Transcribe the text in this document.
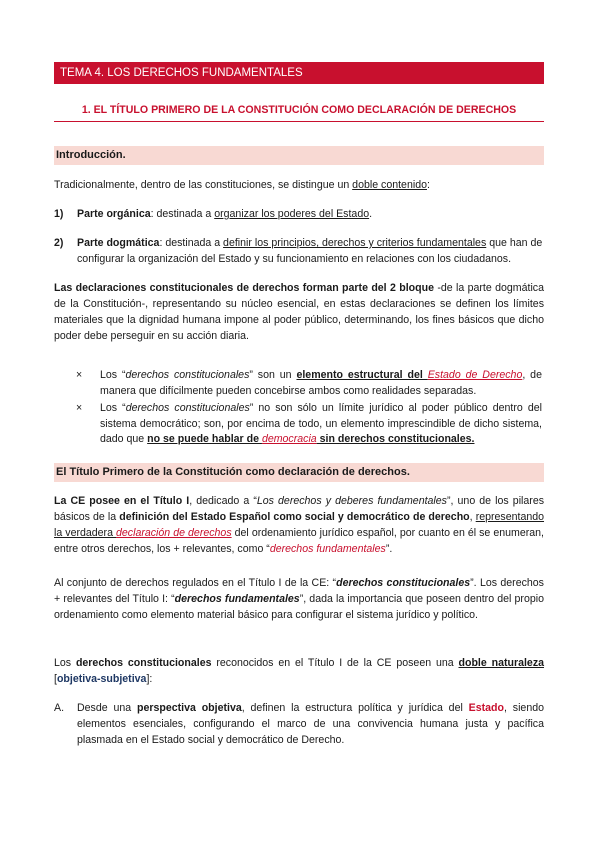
TEMA 4. LOS DERECHOS FUNDAMENTALES
1. EL TÍTULO PRIMERO DE LA CONSTITUCIÓN COMO DECLARACIÓN DE DERECHOS
Introducción.

Tradicionalmente, dentro de las constituciones, se distingue un doble contenido:

1) Parte orgánica: destinada a organizar los poderes del Estado.
2) Parte dogmática: destinada a definir los principios, derechos y criterios fundamentales que han de configurar la organización del Estado y su funcionamiento en relaciones con los ciudadanos.

Las declaraciones constitucionales de derechos forman parte del 2 bloque -de la parte dogmática de la Constitución-, representando su núcleo esencial, en estas declaraciones se definen los límites materiales que la dignidad humana impone al poder público, determinando, los fines básicos que dicho poder debe perseguir en su acción diaria.

× Los “derechos constitucionales” son un elemento estructural del Estado de Derecho, de manera que difícilmente pueden concebirse ambos como realidades separadas.
× Los “derechos constitucionales” no son sólo un límite jurídico al poder público dentro del sistema democrático; son, por encima de todo, un elemento imprescindible de dicho sistema, dado que no se puede hablar de democracia sin derechos constitucionales.
El Título Primero de la Constitución como declaración de derechos.

La CE posee en el Título I, dedicado a “Los derechos y deberes fundamentales”, uno de los pilares básicos de la definición del Estado Español como social y democrático de derecho, representando la verdadera declaración de derechos del ordenamiento jurídico español, por cuanto en él se enumeran, entre otros derechos, los + relevantes, como “derechos fundamentales”.

Al conjunto de derechos regulados en el Título I de la CE: “derechos constitucionales”. Los derechos + relevantes del Título I: “derechos fundamentales”, dada la importancia que poseen dentro del propio ordenamiento como elemento material básico para configurar el sistema jurídico y político.

Los derechos constitucionales reconocidos en el Título I de la CE poseen una doble naturaleza [objetiva-subjetiva]:

A. Desde una perspectiva objetiva, definen la estructura política y jurídica del Estado, siendo elementos esenciales, configurando el marco de una convivencia humana justa y pacífica plasmada en el Estado social y democrático de Derecho.
